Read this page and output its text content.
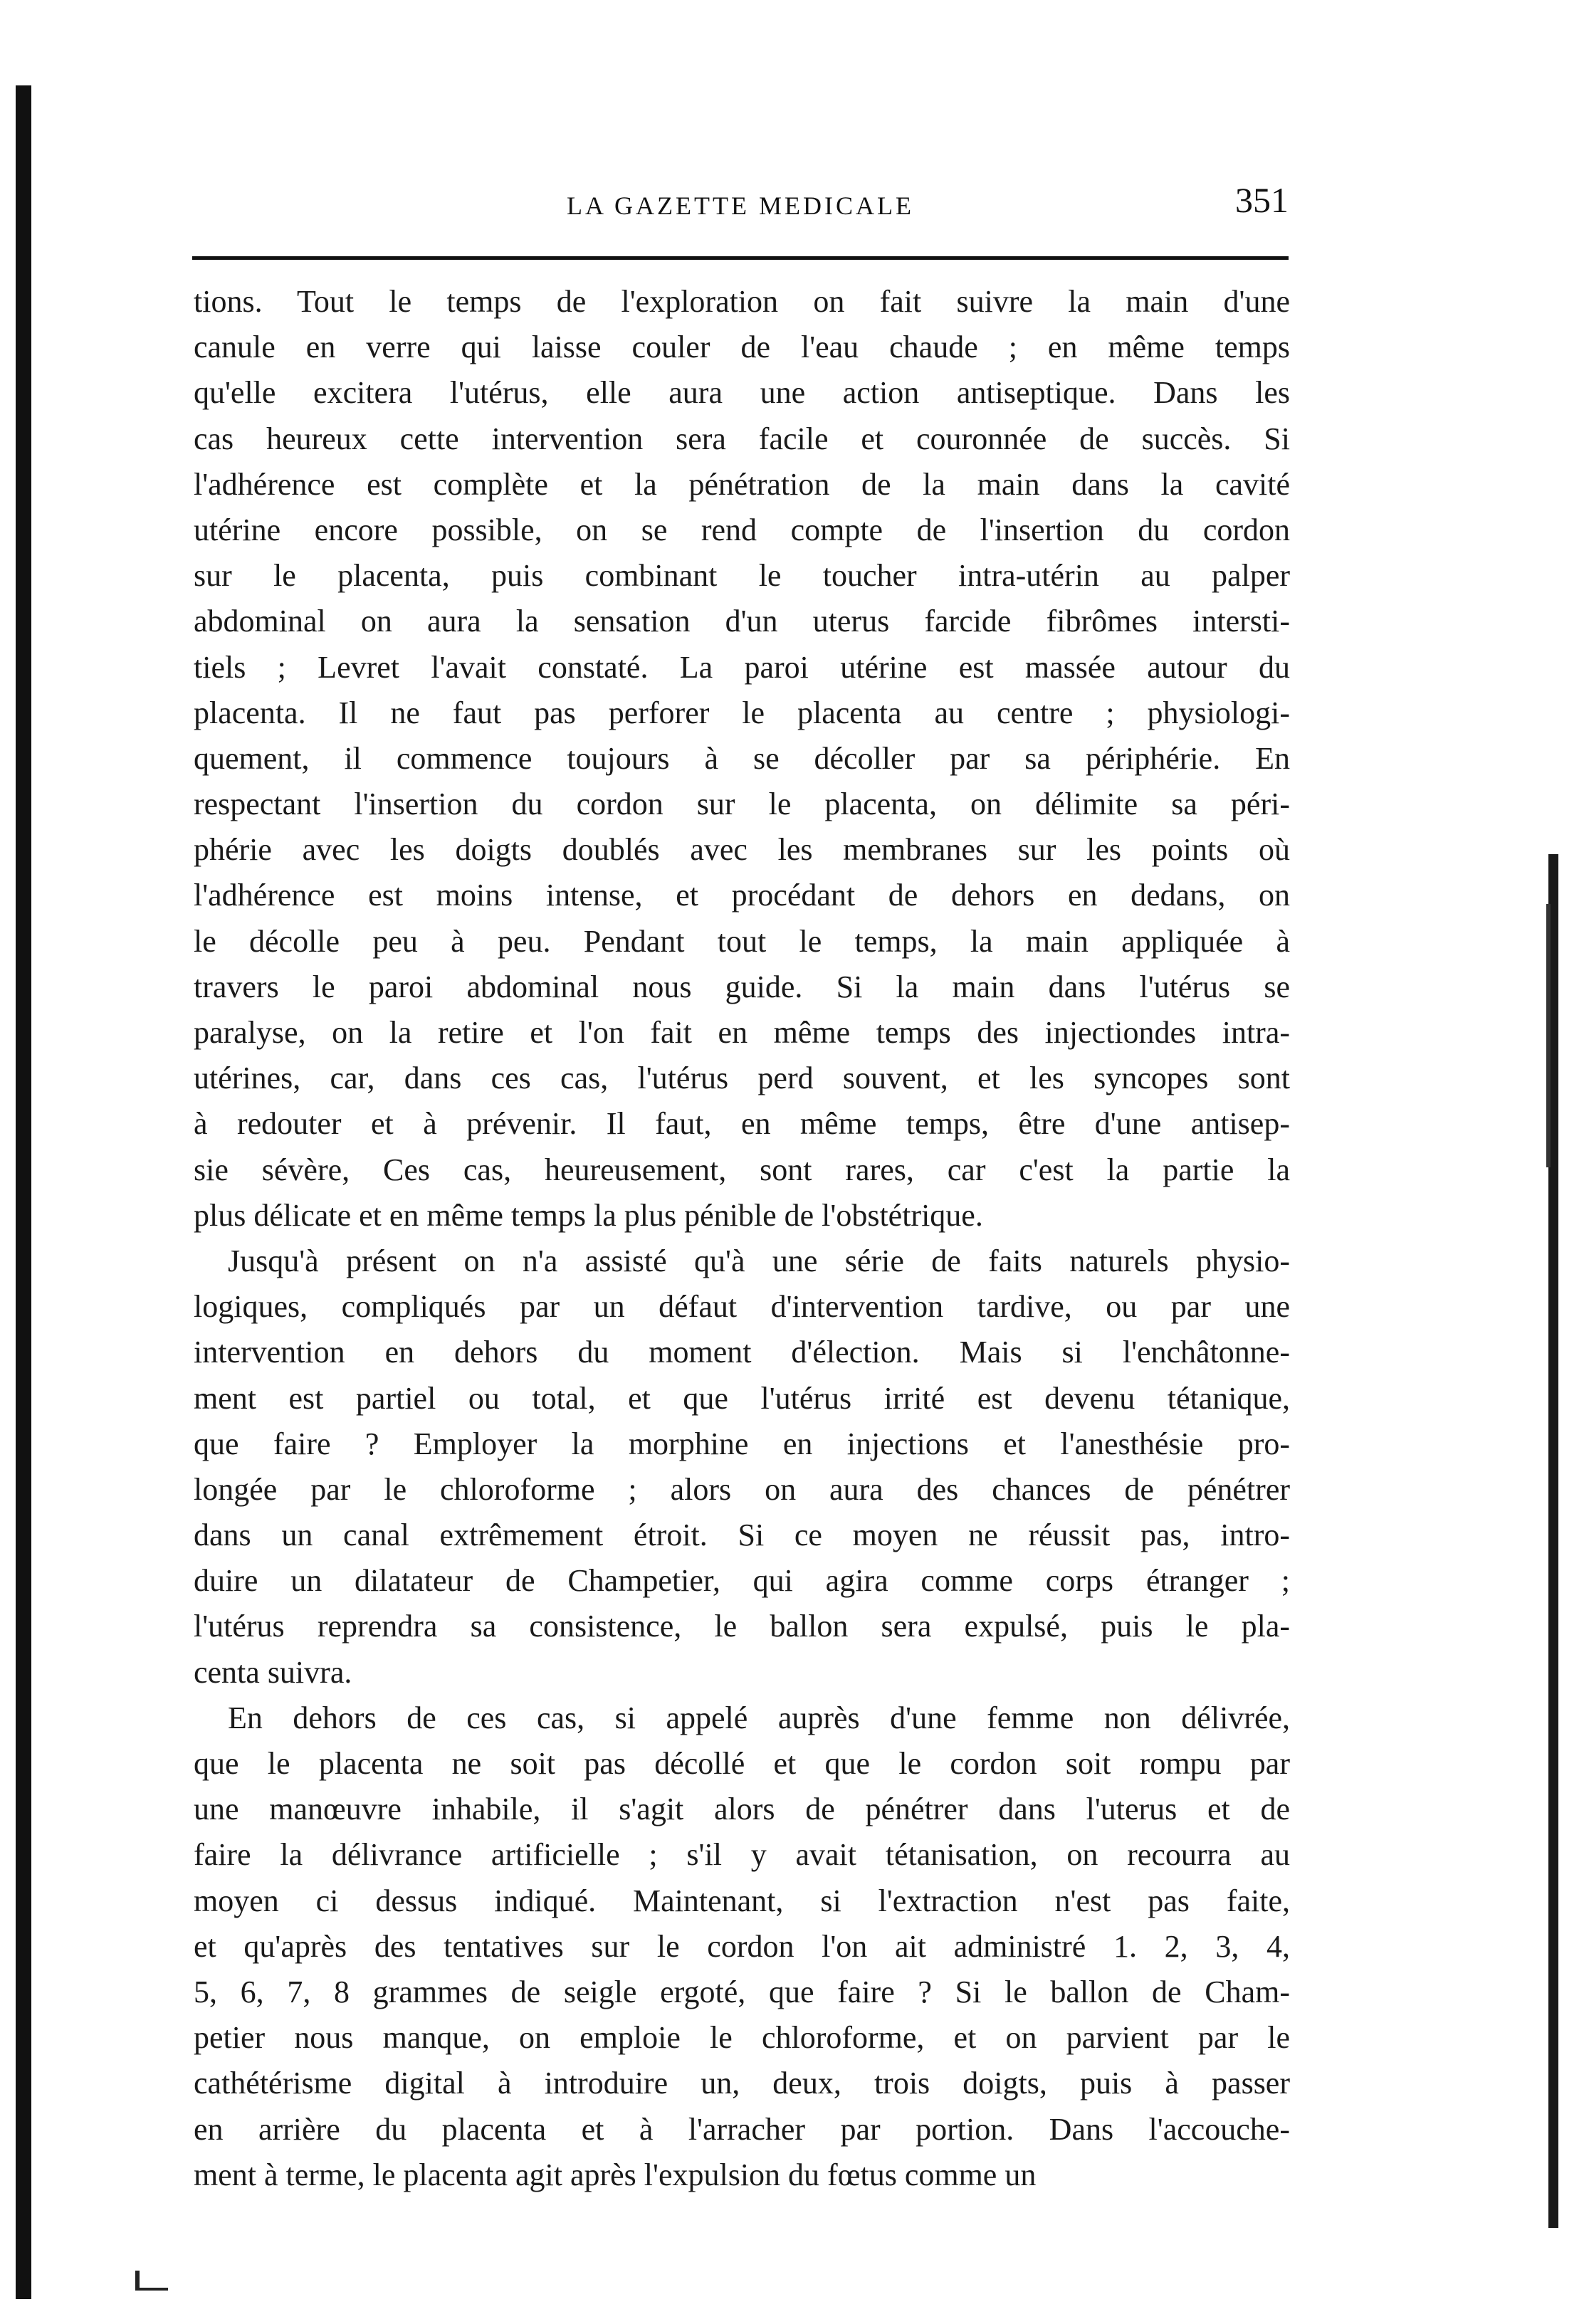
LA GAZETTE MEDICALE	351
tions. Tout le temps de l'exploration on fait suivre la main d'une
canule en verre qui laisse couler de l'eau chaude ; en même temps
qu'elle excitera l'utérus, elle aura une action antiseptique. Dans les
cas heureux cette intervention sera facile et couronnée de succès. Si
l'adhérence est complète et la pénétration de la main dans la cavité
utérine encore possible, on se rend compte de l'insertion du cordon
sur le placenta, puis combinant le toucher intra-utérin au palper
abdominal on aura la sensation d'un uterus farcide fibrômes intersti-
tiels ; Levret l'avait constaté. La paroi utérine est massée autour du
placenta. Il ne faut pas perforer le placenta au centre ; physiologi-
quement, il commence toujours à se décoller par sa périphérie. En
respectant l'insertion du cordon sur le placenta, on délimite sa péri-
phérie avec les doigts doublés avec les membranes sur les points où
l'adhérence est moins intense, et procédant de dehors en dedans, on
le décolle peu à peu. Pendant tout le temps, la main appliquée à
travers le paroi abdominal nous guide. Si la main dans l'utérus se
paralyse, on la retire et l'on fait en même temps des injectiondes intra-
utérines, car, dans ces cas, l'utérus perd souvent, et les syncopes sont
à redouter et à prévenir. Il faut, en même temps, être d'une antisep-
sie sévère, Ces cas, heureusement, sont rares, car c'est la partie la
plus délicate et en même temps la plus pénible de l'obstétrique.
Jusqu'à présent on n'a assisté qu'à une série de faits naturels physio-
logiques, compliqués par un défaut d'intervention tardive, ou par une
intervention en dehors du moment d'élection. Mais si l'enchâtonne-
ment est partiel ou total, et que l'utérus irrité est devenu tétanique,
que faire ? Employer la morphine en injections et l'anesthésie pro-
longée par le chloroforme ; alors on aura des chances de pénétrer
dans un canal extrêmement étroit. Si ce moyen ne réussit pas, intro-
duire un dilatateur de Champetier, qui agira comme corps étranger ;
l'utérus reprendra sa consistence, le ballon sera expulsé, puis le pla-
centa suivra.
En dehors de ces cas, si appelé auprès d'une femme non délivrée,
que le placenta ne soit pas décollé et que le cordon soit rompu par
une manœuvre inhabile, il s'agit alors de pénétrer dans l'uterus et de
faire la délivrance artificielle ; s'il y avait tétanisation, on recourra au
moyen ci dessus indiqué. Maintenant, si l'extraction n'est pas faite,
et qu'après des tentatives sur le cordon l'on ait administré 1. 2, 3, 4,
5, 6, 7, 8 grammes de seigle ergoté, que faire ? Si le ballon de Cham-
petier nous manque, on emploie le chloroforme, et on parvient par le
cathétérisme digital à introduire un, deux, trois doigts, puis à passer
en arrière du placenta et à l'arracher par portion. Dans l'accouche-
ment à terme, le placenta agit après l'expulsion du fœtus comme un
